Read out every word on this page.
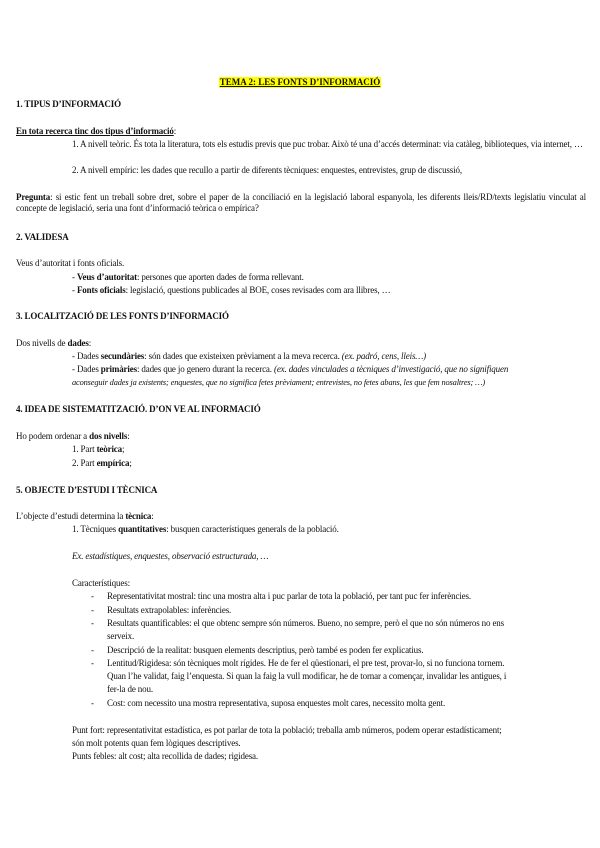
TEMA 2: LES FONTS D’INFORMACIÓ
1. TIPUS D’INFORMACIÓ
En tota recerca tinc dos tipus d’informació:
1. A nivell teòric. És tota la literatura, tots els estudis previs que puc trobar. Això té una d’accés determinat: via catàleg, biblioteques, via internet, …
2. A nivell empíric: les dades que recullo a partir de diferents tècniques: enquestes, entrevistes, grup de discussió,
Pregunta: si estic fent un treball sobre dret, sobre el paper de la conciliació en la legislació laboral espanyola, les diferents lleis/RD/texts legislatiu vinculat al concepte de legislació, seria una font d’informació teòrica o empírica?
2. VALIDESA
Veus d’autoritat i fonts oficials.
- Veus d’autoritat: persones que aporten dades de forma rellevant.
- Fonts oficials: legislació, questions publicades al BOE, coses revisades com ara llibres, …
3. LOCALITZACIÓ DE LES FONTS D’INFORMACIÓ
Dos nivells de dades:
- Dades secundàries: són dades que existeixen prèviament a la meva recerca. (ex. padró, cens, lleis…)
- Dades primàries: dades que jo genero durant la recerca. (ex. dades vinculades a tècniques d’investigació, que no signifiquen
aconseguir dades ja existents; enquestes, que no significa fetes prèviament; entrevistes, no fetes abans, les que fem nosaltres; …)
4. IDEA DE SISTEMATITZACIÓ. D’ON VE AL INFORMACIÓ
Ho podem ordenar a dos nivells:
1. Part teòrica;
2. Part empírica;
5. OBJECTE D’ESTUDI I TÈCNICA
L’objecte d’estudi determina la tècnica:
1. Tècniques quantitatives: busquen característiques generals de la població.
Ex. estadístiques, enquestes, observació estructurada, …
Característiques:
- Representativitat mostral: tinc una mostra alta i puc parlar de tota la població, per tant puc fer inferències.
- Resultats extrapolables: inferències.
- Resultats quantificables: el que obtenc sempre són números. Bueno, no sempre, però el que no són números no ens
serveix.
- Descripció de la realitat: busquen elements descriptius, però també es poden fer explicatius.
- Lentitud/Rigidesa: són tècniques molt rígides. He de fer el qüestionari, el pre test, provar-lo, si no funciona tornem.
Quan l’he validat, faig l’enquesta. Si quan la faig la vull modificar, he de tornar a començar, invalidar les antigues, i
fer-la de nou.
- Cost: com necessito una mostra representativa, suposa enquestes molt cares, necessito molta gent.
Punt fort: representativitat estadística, es pot parlar de tota la població; treballa amb números, podem operar estadísticament;
són molt potents quan fem lògiques descriptives.
Punts febles: alt cost; alta recollida de dades; rigidesa.
